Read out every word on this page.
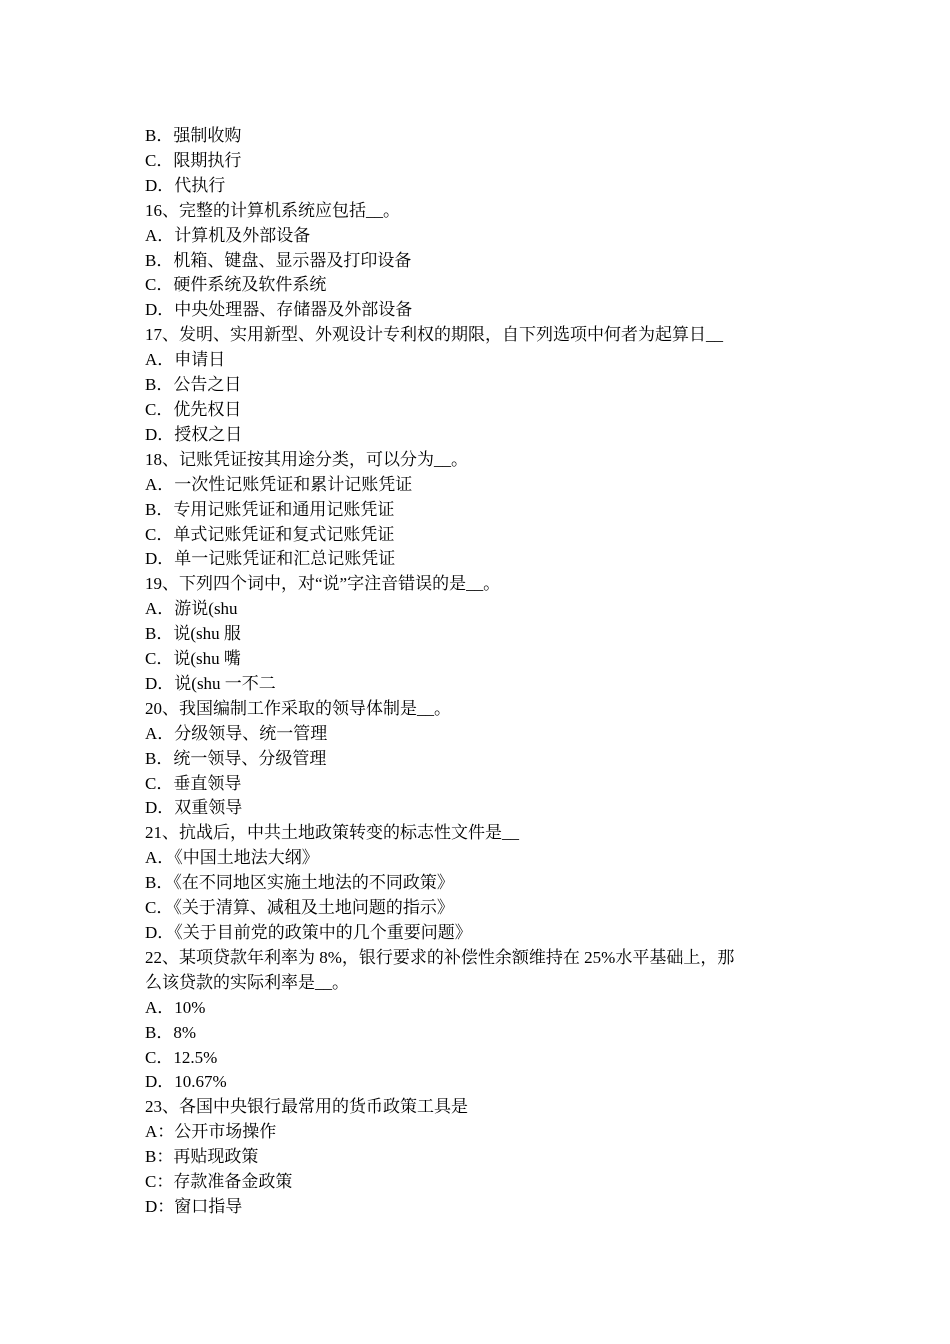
B．强制收购

C．限期执行

D．代执行

16、完整的计算机系统应包括__。

A．计算机及外部设备

B．机箱、键盘、显示器及打印设备

C．硬件系统及软件系统

D．中央处理器、存储器及外部设备

17、发明、实用新型、外观设计专利权的期限，自下列选项中何者为起算日__

A．申请日

B．公告之日

C．优先权日

D．授权之日

18、记账凭证按其用途分类，可以分为__。

A．一次性记账凭证和累计记账凭证

B．专用记账凭证和通用记账凭证

C．单式记账凭证和复式记账凭证

D．单一记账凭证和汇总记账凭证

19、下列四个词中，对“说”字注音错误的是__。

A．游说(shu

B．说(shu 服

C．说(shu 嘴

D．说(shu 一不二

20、我国编制工作采取的领导体制是__。

A．分级领导、统一管理

B．统一领导、分级管理

C．垂直领导

D．双重领导

21、抗战后，中共土地政策转变的标志性文件是__

A．《中国土地法大纲》

B．《在不同地区实施土地法的不同政策》

C．《关于清算、减租及土地问题的指示》

D．《关于目前党的政策中的几个重要问题》

22、某项贷款年利率为 8%，银行要求的补偿性余额维持在 25%水平基础上，那

么该贷款的实际利率是__。

A．10%

B．8%

C．12.5%

D．10.67%

23、各国中央银行最常用的货币政策工具是

A：公开市场操作

B：再贴现政策

C：存款准备金政策

D：窗口指导
